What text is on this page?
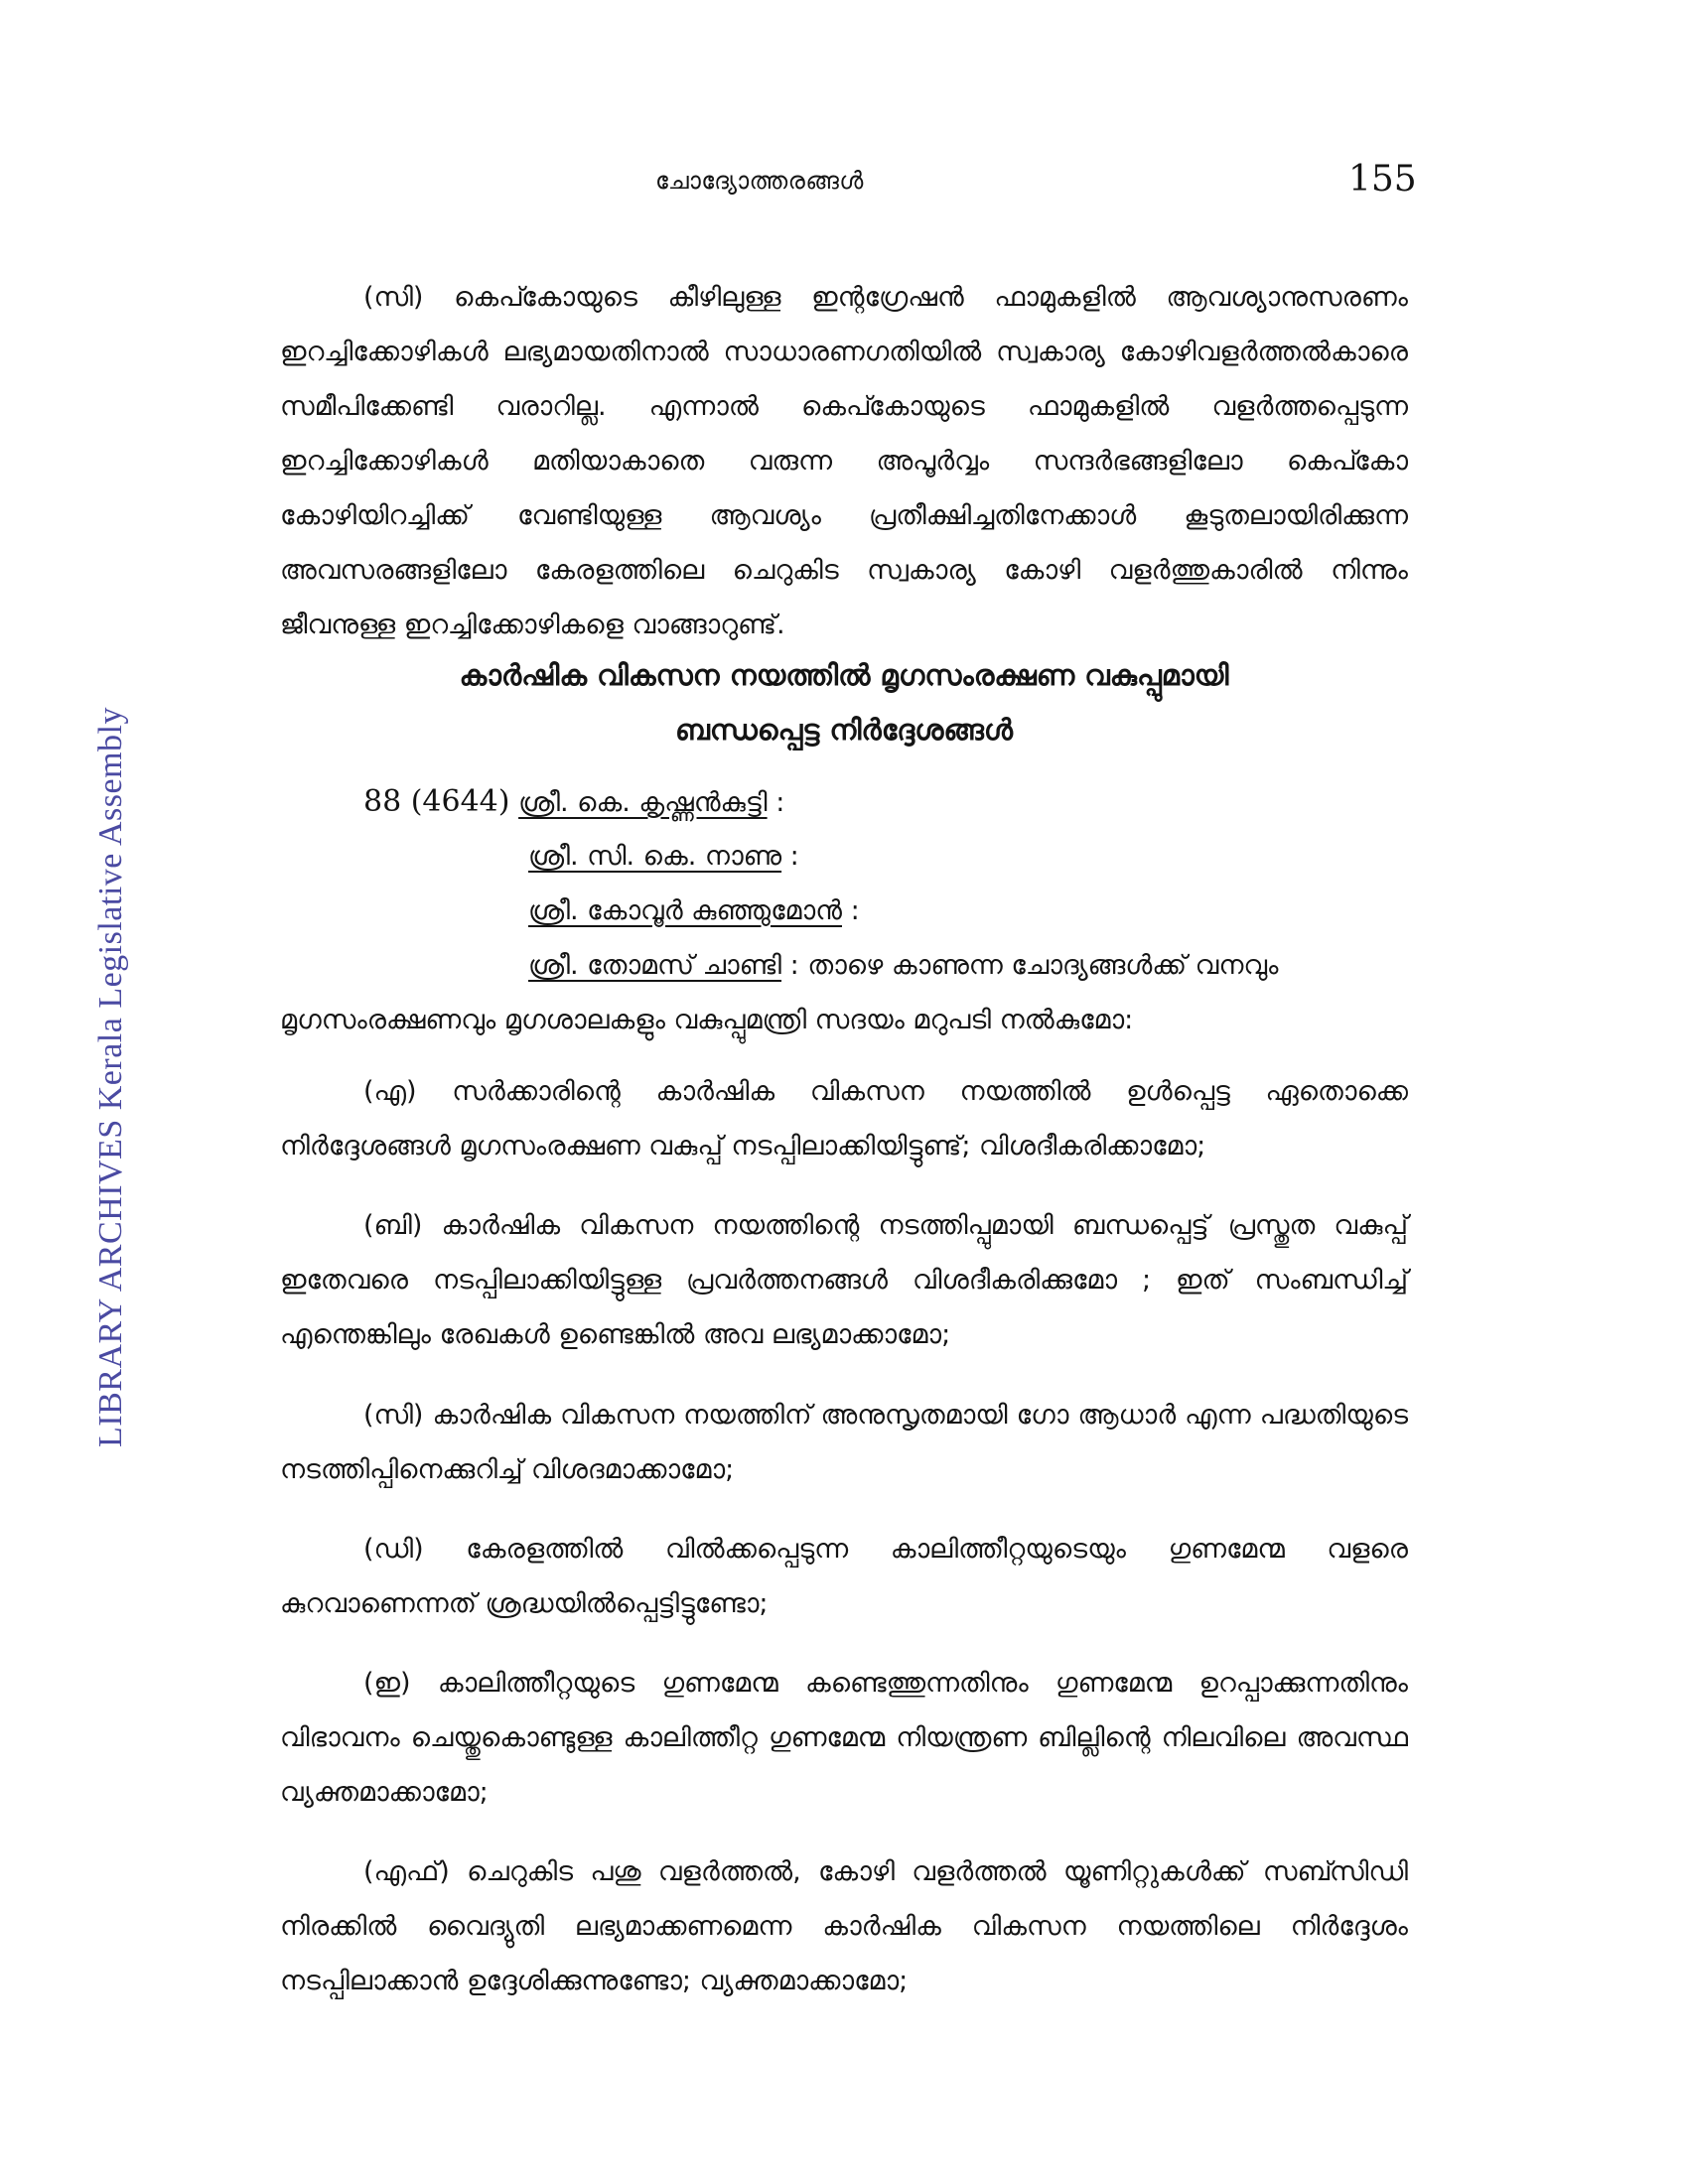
ചോദ്യോത്തരങ്ങൾ	155
LIBRARY ARCHIVES Kerala Legislative Assembly

(സി) കെപ്കോയുടെ കീഴിലുള്ള ഇന്റഗ്രേഷൻ ഫാമുകളിൽ ആവശ്യാനുസരണം ഇറച്ചിക്കോഴികൾ ലഭ്യമായതിനാൽ സാധാരണഗതിയിൽ സ്വകാര്യ കോഴിവളർത്തൽകാരെ സമീപിക്കേണ്ടി വരാറില്ല. എന്നാൽ കെപ്കോയുടെ ഫാമുകളിൽ വളർത്തപ്പെടുന്ന ഇറച്ചിക്കോഴികൾ മതിയാകാതെ വരുന്ന അപൂർവ്വം സന്ദർഭങ്ങളിലോ കെപ്കോ കോഴിയിറച്ചിക്ക് വേണ്ടിയുള്ള ആവശ്യം പ്രതീക്ഷിച്ചതിനേക്കാൾ കൂടുതലായിരിക്കുന്ന അവസരങ്ങളിലോ കേരളത്തിലെ ചെറുകിട സ്വകാര്യ കോഴി വളർത്തുകാരിൽ നിന്നും ജീവനുള്ള ഇറച്ചിക്കോഴികളെ വാങ്ങാറുണ്ട്.

കാർഷിക വികസന നയത്തിൽ മൃഗസംരക്ഷണ വകുപ്പുമായി
ബന്ധപ്പെട്ട നിർദ്ദേശങ്ങൾ
88 (4644) ശ്രീ. കെ. കൃഷ്ണൻകുട്ടി :
ശ്രീ. സി. കെ. നാണു :
ശ്രീ. കോവൂർ കുഞ്ഞുമോൻ :
ശ്രീ. തോമസ് ചാണ്ടി : താഴെ കാണുന്ന ചോദ്യങ്ങൾക്ക് വനവും
മൃഗസംരക്ഷണവും മൃഗശാലകളും വകുപ്പുമന്ത്രി സദയം മറുപടി നൽകുമോ:

(എ) സർക്കാരിന്റെ കാർഷിക വികസന നയത്തിൽ ഉൾപ്പെട്ട ഏതൊക്കെ നിർദ്ദേശങ്ങൾ മൃഗസംരക്ഷണ വകുപ്പ് നടപ്പിലാക്കിയിട്ടുണ്ട്; വിശദീകരിക്കാമോ;

(ബി) കാർഷിക വികസന നയത്തിന്റെ നടത്തിപ്പുമായി ബന്ധപ്പെട്ട് പ്രസ്തുത വകുപ്പ് ഇതേവരെ നടപ്പിലാക്കിയിട്ടുള്ള പ്രവർത്തനങ്ങൾ വിശദീകരിക്കുമോ ; ഇത് സംബന്ധിച്ച് എന്തെങ്കിലും രേഖകൾ ഉണ്ടെങ്കിൽ അവ ലഭ്യമാക്കാമോ;

(സി) കാർഷിക വികസന നയത്തിന് അനുസൃതമായി ഗോ ആധാർ എന്ന പദ്ധതിയുടെ നടത്തിപ്പിനെക്കുറിച്ച് വിശദമാക്കാമോ;

(ഡി) കേരളത്തിൽ വിൽക്കപ്പെടുന്ന കാലിത്തീറ്റയുടെയും ഗുണമേന്മ വളരെ കുറവാണെന്നത് ശ്രദ്ധയിൽപ്പെട്ടിട്ടുണ്ടോ;

(ഇ) കാലിത്തീറ്റയുടെ ഗുണമേന്മ കണ്ടെത്തുന്നതിനും ഗുണമേന്മ ഉറപ്പാക്കുന്നതിനും വിഭാവനം ചെയ്തുകൊണ്ടുള്ള കാലിത്തീറ്റ ഗുണമേന്മ നിയന്ത്രണ ബില്ലിന്റെ നിലവിലെ അവസ്ഥ വ്യക്തമാക്കാമോ;

(എഫ്) ചെറുകിട പശു വളർത്തൽ, കോഴി വളർത്തൽ യൂണിറ്റുകൾക്ക് സബ്സിഡി നിരക്കിൽ വൈദ്യുതി ലഭ്യമാക്കണമെന്ന കാർഷിക വികസന നയത്തിലെ നിർദ്ദേശം നടപ്പിലാക്കാൻ ഉദ്ദേശിക്കുന്നുണ്ടോ; വ്യക്തമാക്കാമോ;
